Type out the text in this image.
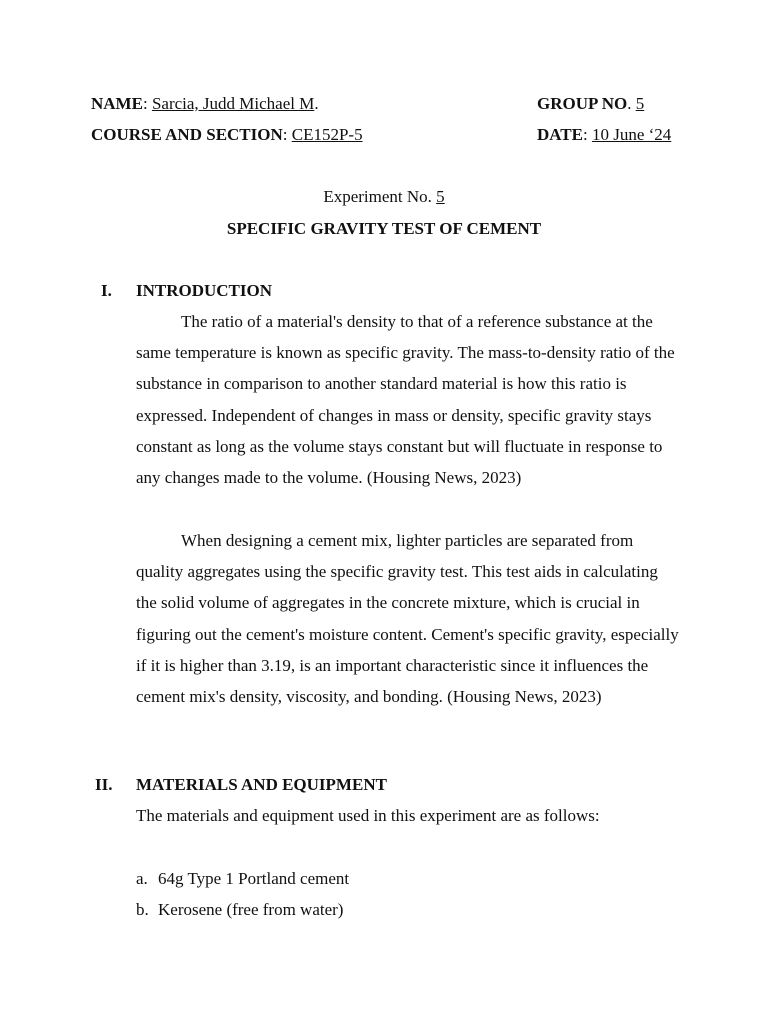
NAME: Sarcia, Judd Michael M.	GROUP NO. 5
COURSE AND SECTION: CE152P-5	DATE: 10 June ‘24
Experiment No. 5
SPECIFIC GRAVITY TEST OF CEMENT
I. INTRODUCTION

The ratio of a material's density to that of a reference substance at the same temperature is known as specific gravity. The mass-to-density ratio of the substance in comparison to another standard material is how this ratio is expressed. Independent of changes in mass or density, specific gravity stays constant as long as the volume stays constant but will fluctuate in response to any changes made to the volume. (Housing News, 2023)

When designing a cement mix, lighter particles are separated from quality aggregates using the specific gravity test. This test aids in calculating the solid volume of aggregates in the concrete mixture, which is crucial in figuring out the cement's moisture content. Cement's specific gravity, especially if it is higher than 3.19, is an important characteristic since it influences the cement mix's density, viscosity, and bonding. (Housing News, 2023)

II. MATERIALS AND EQUIPMENT
The materials and equipment used in this experiment are as follows:
a. 64g Type 1 Portland cement
b. Kerosene (free from water)
